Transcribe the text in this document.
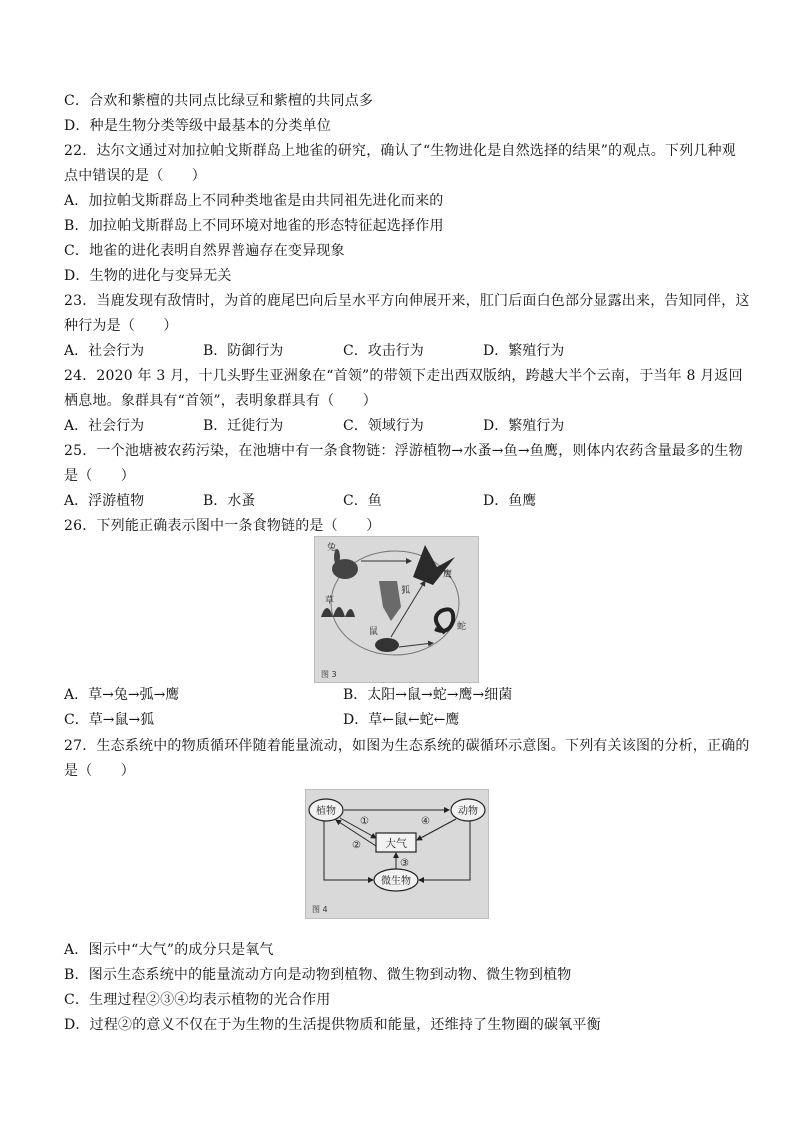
C．合欢和紫檀的共同点比绿豆和紫檀的共同点多
D．种是生物分类等级中最基本的分类单位
22．达尔文通过对加拉帕戈斯群岛上地雀的研究，确认了“生物进化是自然选择的结果”的观点。下列几种观
点中错误的是（　　）
A．加拉帕戈斯群岛上不同种类地雀是由共同祖先进化而来的
B．加拉帕戈斯群岛上不同环境对地雀的形态特征起选择作用
C．地雀的进化表明自然界普遍存在变异现象
D．生物的进化与变异无关
23．当鹿发现有敌情时，为首的鹿尾巴向后呈水平方向伸展开来，肛门后面白色部分显露出来，告知同伴，这
种行为是（　　）
A．社会行为	B．防御行为	C．攻击行为	D．繁殖行为
24．2020 年 3 月，十几头野生亚洲象在“首领”的带领下走出西双版纳，跨越大半个云南，于当年 8 月返回
栖息地。象群具有“首领”，表明象群具有（　　）
A．社会行为	B．迁徙行为	C．领域行为	D．繁殖行为
25．一个池塘被农药污染，在池塘中有一条食物链：浮游植物→水蚤→鱼→鱼鹰，则体内农药含量最多的生物
是（　　）
A．浮游植物	B．水蚤	C．鱼	D．鱼鹰
26．下列能正确表示图中一条食物链的是（　　）
兔
鹰
草
狐
蛇
鼠
图 3
A．草→兔→弧→鹰	B．太阳→鼠→蛇→鹰→细菌
C．草→鼠→狐	D．草←鼠←蛇←鹰
27．生态系统中的物质循环伴随着能量流动，如图为生态系统的碳循环示意图。下列有关该图的分析，正确的
是（　　）
植物	动物
大气
微生物
①
②
③
④
图 4
A．图示中“大气”的成分只是氧气
B．图示生态系统中的能量流动方向是动物到植物、微生物到动物、微生物到植物
C．生理过程②③④均表示植物的光合作用
D．过程②的意义不仅在于为生物的生活提供物质和能量，还维持了生物圈的碳氧平衡
